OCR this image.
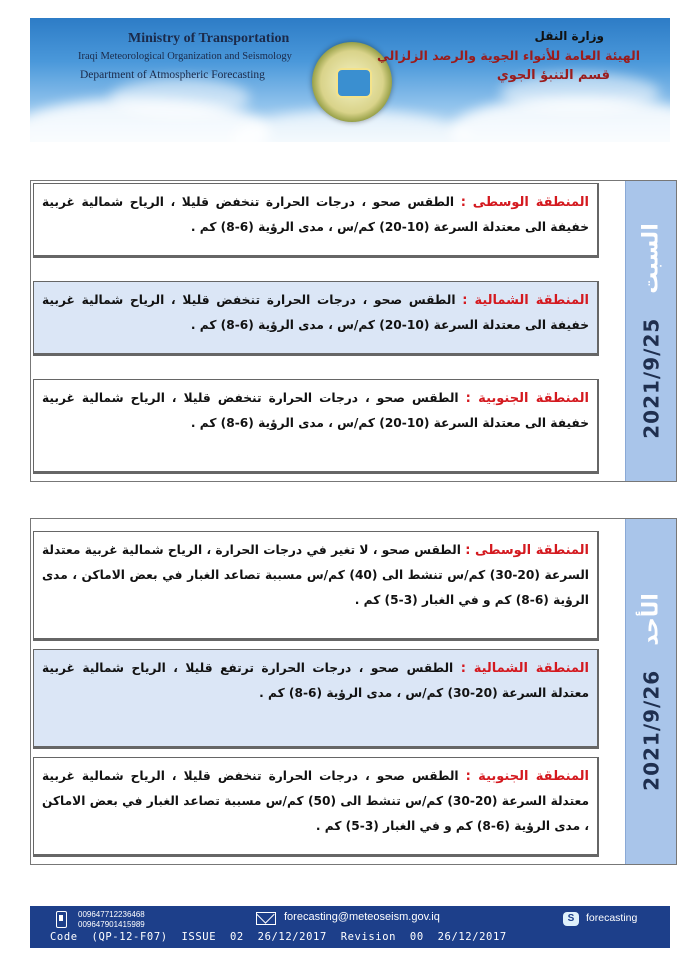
Ministry of Transportation
Iraqi Meteorological Organization and Seismology
Department of Atmospheric Forecasting
وزارة النقل
الهيئة العامة للأنواء الجوية والرصد الزلزالي
قسم التنبؤ الجوي
المنطقة الوسطى : الطقس صحو ، درجات الحرارة تنخفض قليلا ، الرياح شمالية غربية خفيفة الى معتدلة السرعة (10-20) كم/س ، مدى الرؤية (6-8) كم .
المنطقة الشمالية : الطقس صحو ، درجات الحرارة تنخفض قليلا ، الرياح شمالية غربية خفيفة الى معتدلة السرعة (10-20) كم/س ، مدى الرؤية (6-8) كم .
المنطقة الجنوبية : الطقس صحو ، درجات الحرارة تنخفض قليلا ، الرياح شمالية غربية خفيفة الى معتدلة السرعة (10-20) كم/س ، مدى الرؤية (6-8) كم .	2021/9/25
السبت
المنطقة الوسطى : الطقس صحو ، لا تغير في درجات الحرارة ، الرياح شمالية غربية معتدلة السرعة (20-30) كم/س تنشط الى (40) كم/س مسببة تصاعد الغبار في بعض الاماكن ، مدى الرؤية (6-8) كم و في الغبار (3-5) كم .
المنطقة الشمالية : الطقس صحو ، درجات الحرارة ترتفع قليلا ، الرياح شمالية غربية معتدلة السرعة (20-30) كم/س ، مدى الرؤية (6-8) كم .
المنطقة الجنوبية : الطقس صحو ، درجات الحرارة تنخفض قليلا ، الرياح شمالية غربية معتدلة السرعة (20-30) كم/س تنشط الى (50) كم/س مسببة تصاعد الغبار في بعض الاماكن ، مدى الرؤية (6-8) كم و في الغبار (3-5) كم .
2021/9/26
الأحد
009647712236468
009647901415989
forecasting@meteoseism.gov.iq	S	forecasting
Code  (QP-12-F07)  ISSUE  02  26/12/2017  Revision  00  26/12/2017
